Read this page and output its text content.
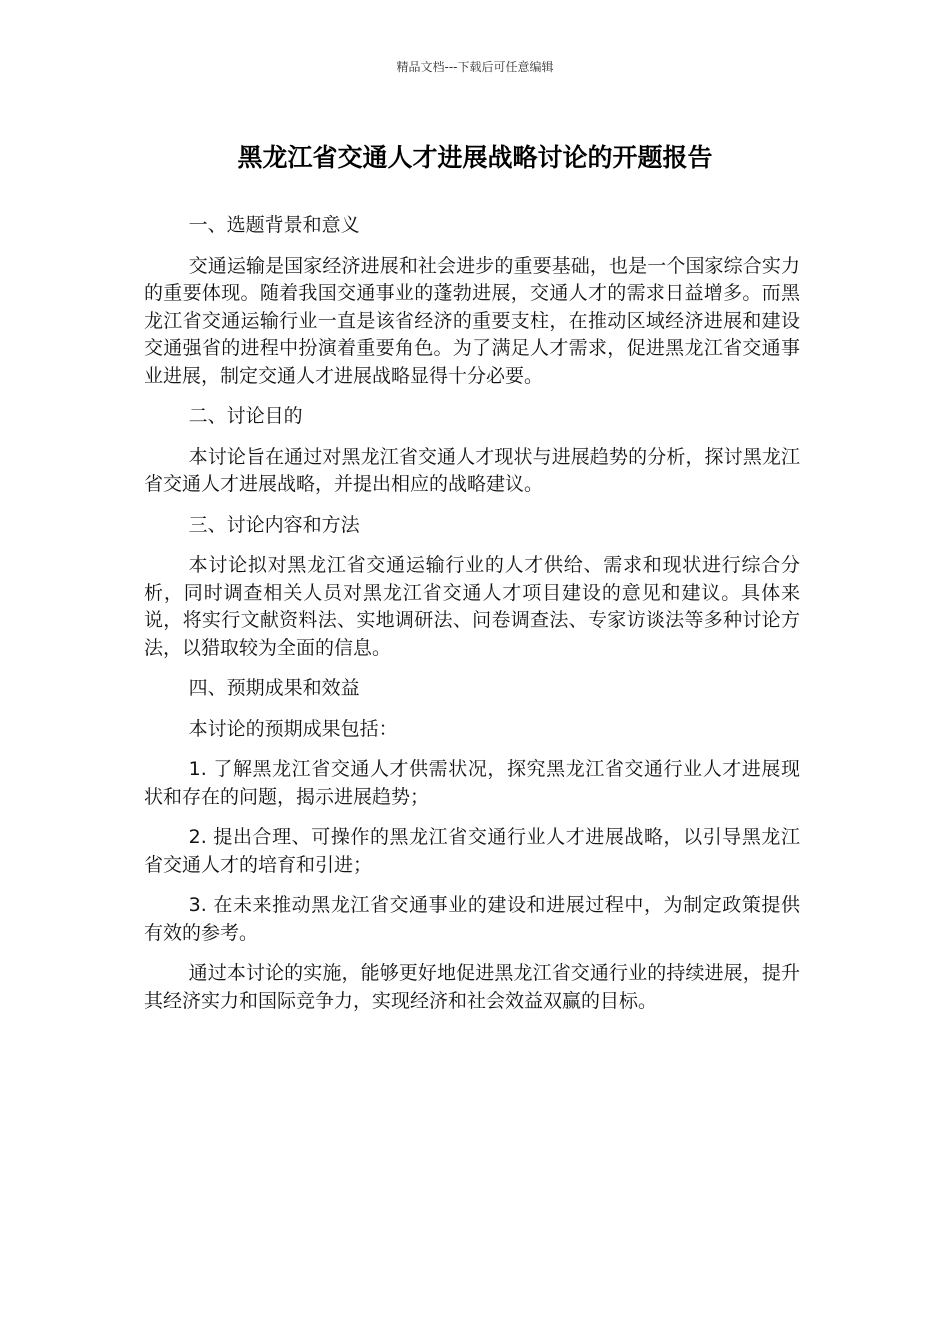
精品文档---下载后可任意编辑
黑龙江省交通人才进展战略讨论的开题报告

一、选题背景和意义

交通运输是国家经济进展和社会进步的重要基础，也是一个国家综合实力的重要体现。随着我国交通事业的蓬勃进展，交通人才的需求日益增多。而黑龙江省交通运输行业一直是该省经济的重要支柱，在推动区域经济进展和建设交通强省的进程中扮演着重要角色。为了满足人才需求，促进黑龙江省交通事业进展，制定交通人才进展战略显得十分必要。

二、讨论目的

本讨论旨在通过对黑龙江省交通人才现状与进展趋势的分析，探讨黑龙江省交通人才进展战略，并提出相应的战略建议。

三、讨论内容和方法

本讨论拟对黑龙江省交通运输行业的人才供给、需求和现状进行综合分析，同时调查相关人员对黑龙江省交通人才项目建设的意见和建议。具体来说，将实行文献资料法、实地调研法、问卷调查法、专家访谈法等多种讨论方法，以猎取较为全面的信息。

四、预期成果和效益

本讨论的预期成果包括：

1. 了解黑龙江省交通人才供需状况，探究黑龙江省交通行业人才进展现状和存在的问题，揭示进展趋势；

2. 提出合理、可操作的黑龙江省交通行业人才进展战略，以引导黑龙江省交通人才的培育和引进；

3. 在未来推动黑龙江省交通事业的建设和进展过程中，为制定政策提供有效的参考。

通过本讨论的实施，能够更好地促进黑龙江省交通行业的持续进展，提升其经济实力和国际竞争力，实现经济和社会效益双赢的目标。
